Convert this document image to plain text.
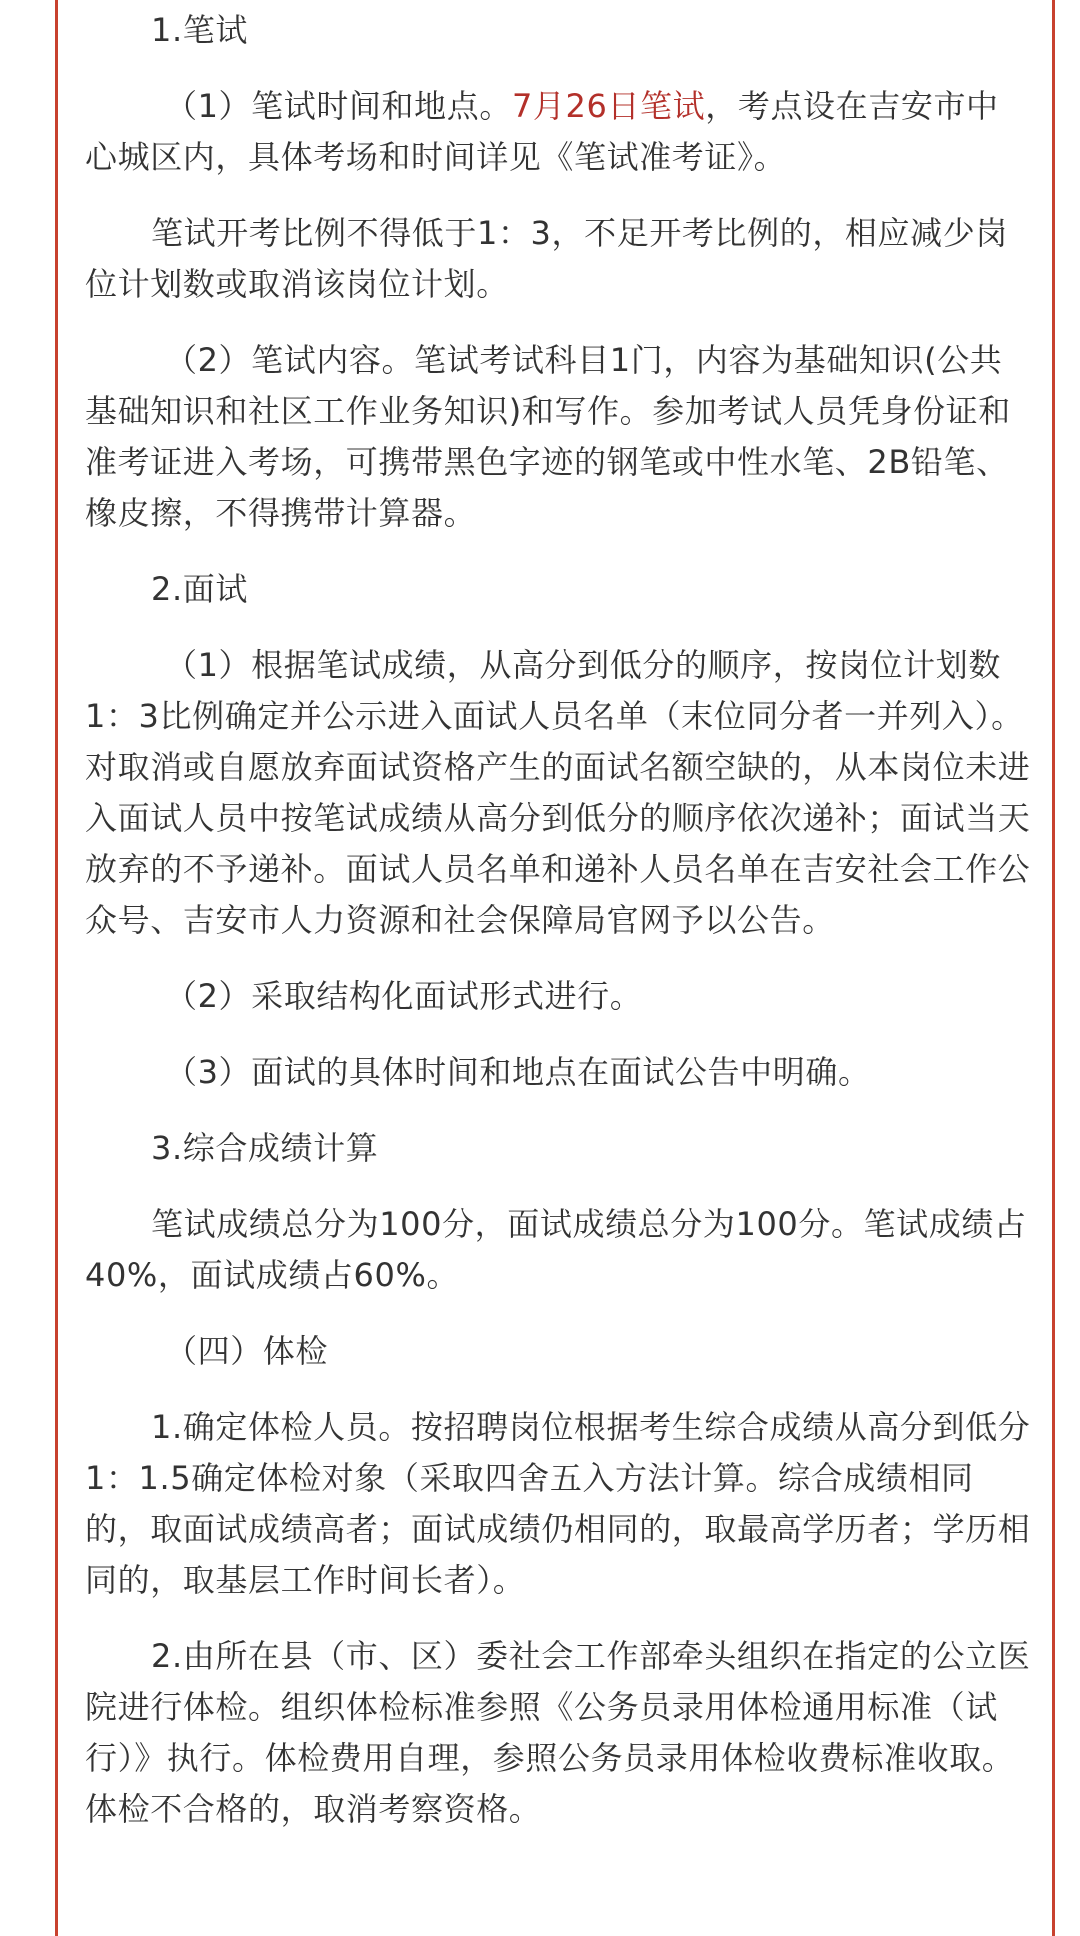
1.笔试

（1）笔试时间和地点。7月26日笔试，考点设在吉安市中心城区内，具体考场和时间详见《笔试准考证》。

笔试开考比例不得低于1：3，不足开考比例的，相应减少岗位计划数或取消该岗位计划。

（2）笔试内容。笔试考试科目1门，内容为基础知识(公共基础知识和社区工作业务知识)和写作。参加考试人员凭身份证和准考证进入考场，可携带黑色字迹的钢笔或中性水笔、2B铅笔、橡皮擦，不得携带计算器。

2.面试

（1）根据笔试成绩，从高分到低分的顺序，按岗位计划数1：3比例确定并公示进入面试人员名单（末位同分者一并列入）。对取消或自愿放弃面试资格产生的面试名额空缺的，从本岗位未进入面试人员中按笔试成绩从高分到低分的顺序依次递补；面试当天放弃的不予递补。面试人员名单和递补人员名单在吉安社会工作公众号、吉安市人力资源和社会保障局官网予以公告。

（2）采取结构化面试形式进行。

（3）面试的具体时间和地点在面试公告中明确。

3.综合成绩计算

笔试成绩总分为100分，面试成绩总分为100分。笔试成绩占40%，面试成绩占60%。

（四）体检

1.确定体检人员。按招聘岗位根据考生综合成绩从高分到低分1：1.5确定体检对象（采取四舍五入方法计算。综合成绩相同的，取面试成绩高者；面试成绩仍相同的，取最高学历者；学历相同的，取基层工作时间长者）。

2.由所在县（市、区）委社会工作部牵头组织在指定的公立医院进行体检。组织体检标准参照《公务员录用体检通用标准（试行）》执行。体检费用自理，参照公务员录用体检收费标准收取。体检不合格的，取消考察资格。
